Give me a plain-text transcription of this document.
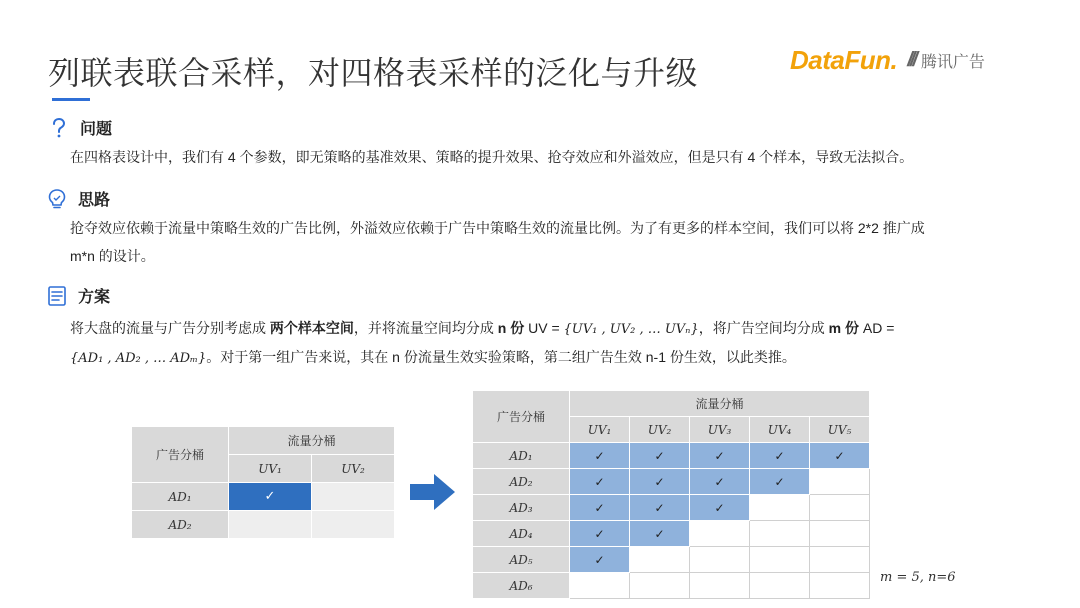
列联表联合采样，对四格表采样的泛化与升级	DataFun. /// 腾讯广告
问题
在四格表设计中，我们有 4 个参数，即无策略的基准效果、策略的提升效果、抢夺效应和外溢效应，但是只有 4 个样本，导致无法拟合。
思路
抢夺效应依赖于流量中策略生效的广告比例，外溢效应依赖于广告中策略生效的流量比例。为了有更多的样本空间，我们可以将 2*2 推广成
m*n 的设计。
方案
将大盘的流量与广告分别考虑成 两个样本空间，并将流量空间均分成 n 份 UV = {UV₁ , UV₂ , … UVₙ}，将广告空间均分成 m 份 AD =
{AD₁ , AD₂ , … ADₘ}。对于第一组广告来说，其在 n 份流量生效实验策略，第二组广告生效 n-1 份生效，以此类推。
广告分桶	流量分桶	
	UV₁	UV₂
AD₁	✓	
AD₂		
广告分桶	流量分桶				
	UV₁	UV₂	UV₃	UV₄	UV₅
AD₁	✓	✓	✓	✓	✓
AD₂	✓	✓	✓	✓	
AD₃	✓	✓	✓		
AD₄	✓	✓			
AD₅	✓				
AD₆					
m = 5, n=6
